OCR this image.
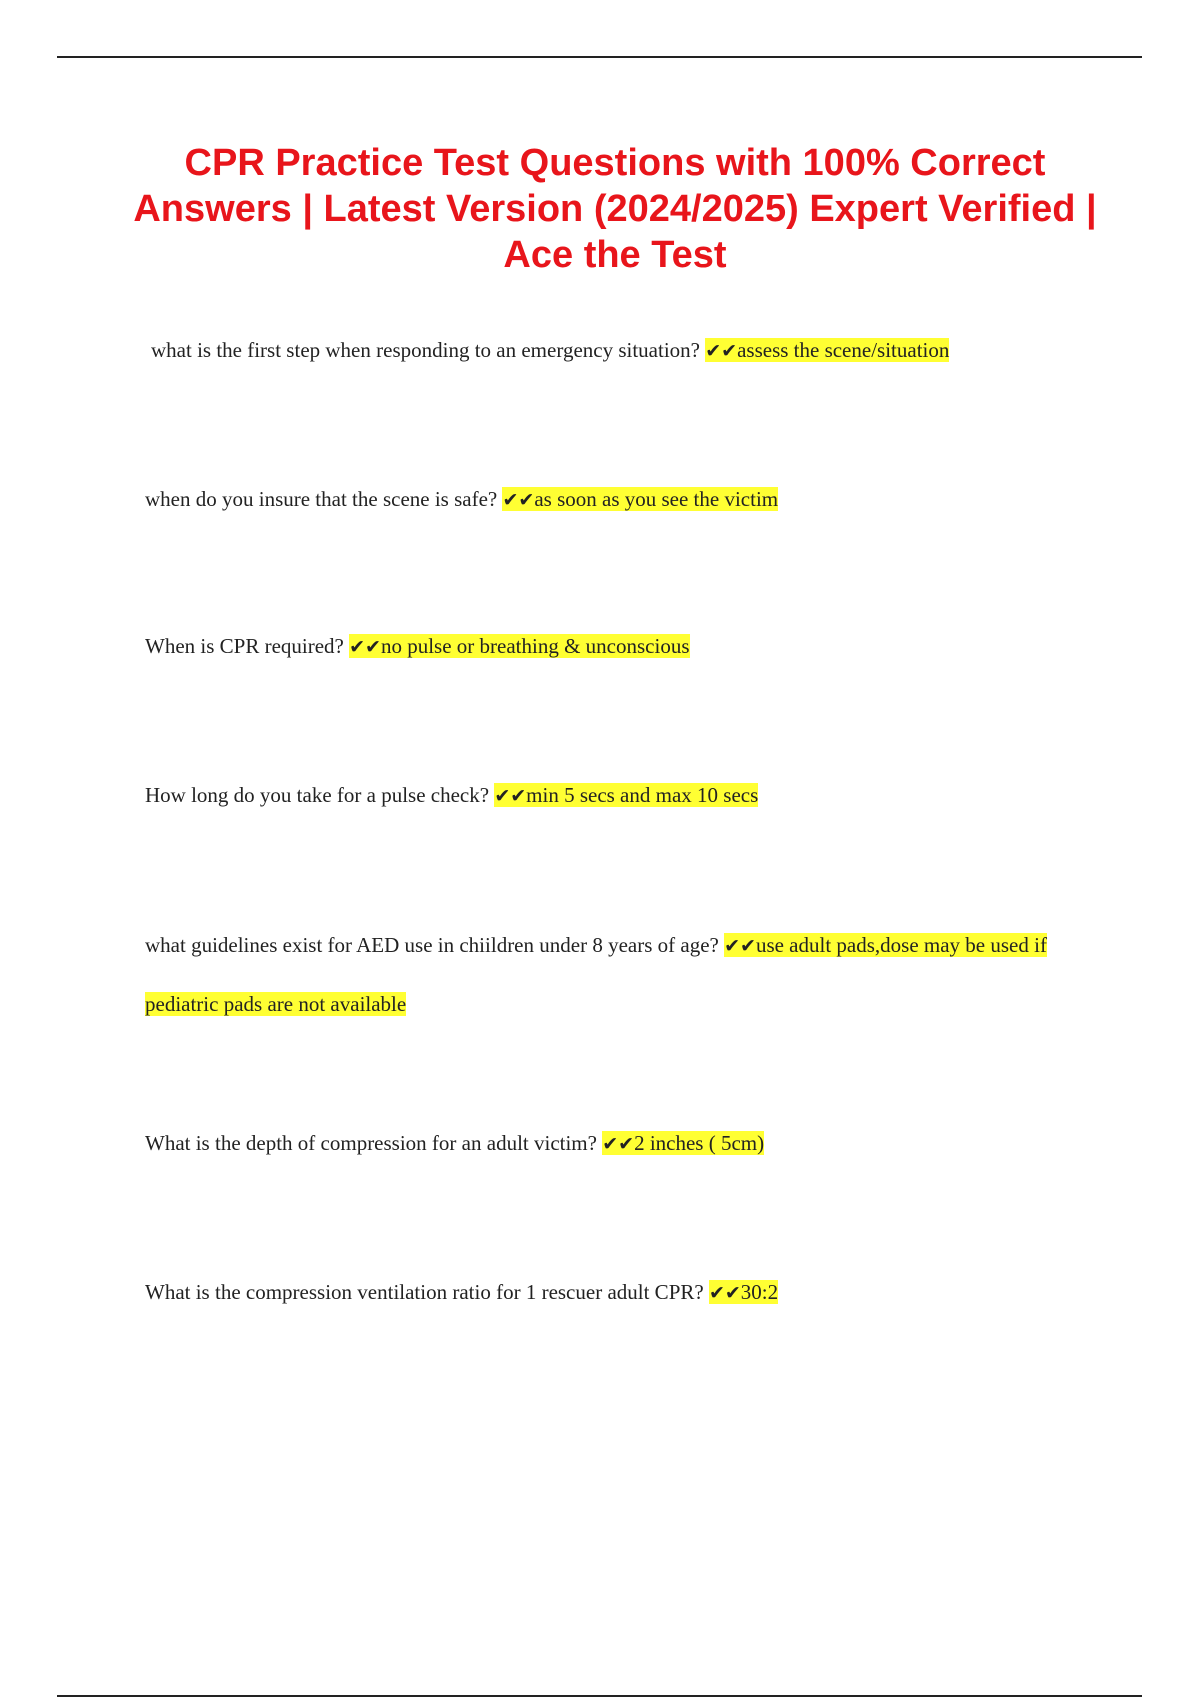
CPR Practice Test Questions with 100% Correct Answers | Latest Version (2024/2025) Expert Verified | Ace the Test
what is the first step when responding to an emergency situation? ✔✔assess the scene/situation
when do you insure that the scene is safe? ✔✔as soon as you see the victim
When is CPR required? ✔✔no pulse or breathing & unconscious
How long do you take for a pulse check? ✔✔min 5 secs and max 10 secs
what guidelines exist for AED use in chiildren under 8 years of age? ✔✔use adult pads,dose may be used if pediatric pads are not available
What is the depth of compression for an adult victim? ✔✔2 inches ( 5cm)
What is the compression ventilation ratio for 1 rescuer adult CPR? ✔✔30:2
